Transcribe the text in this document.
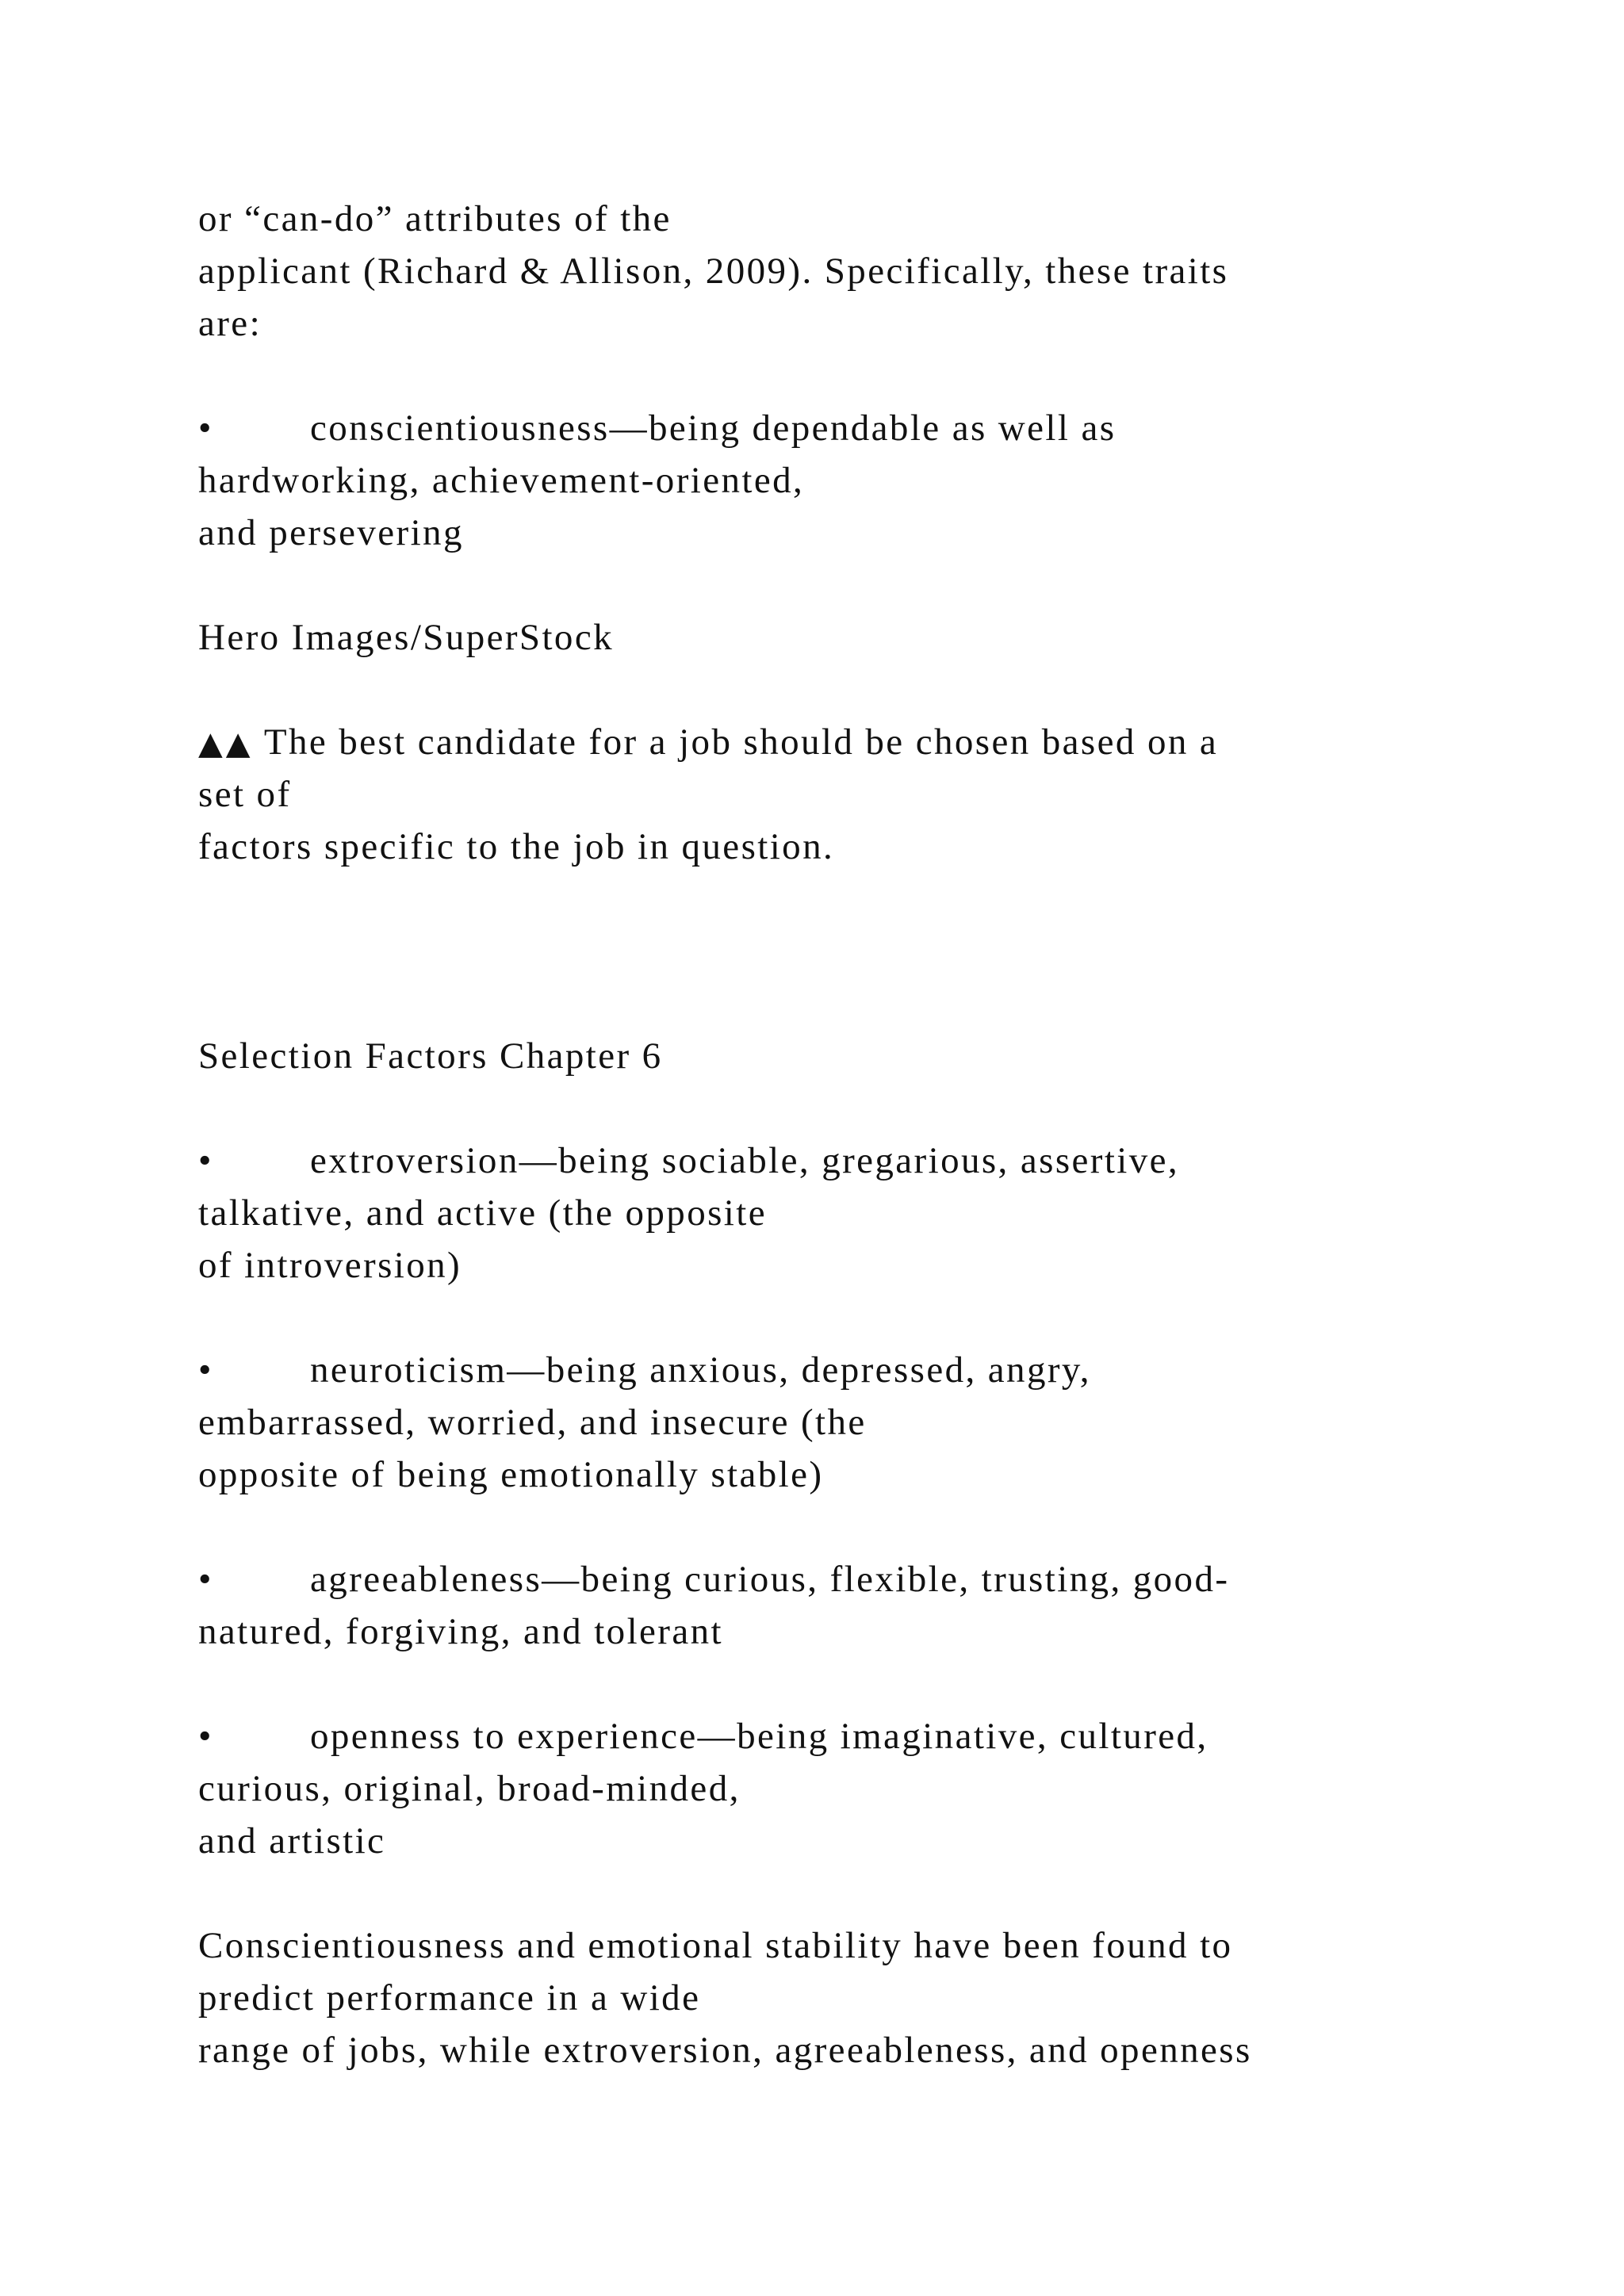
or “can-do” attributes of the
applicant (Richard & Allison, 2009). Specifically, these traits
are:
•	conscientiousness—being dependable as well as
hardworking, achievement-oriented,
and persevering
Hero Images/SuperStock
▲▲ The best candidate for a job should be chosen based on a
set of
factors specific to the job in question.
Selection Factors Chapter 6
•	extroversion—being sociable, gregarious, assertive,
talkative, and active (the opposite
of introversion)
•	neuroticism—being anxious, depressed, angry,
embarrassed, worried, and insecure (the
opposite of being emotionally stable)
•	agreeableness—being curious, flexible, trusting, good-
natured, forgiving, and tolerant
•	openness to experience—being imaginative, cultured,
curious, original, broad-minded,
and artistic
Conscientiousness and emotional stability have been found to
predict performance in a wide
range of jobs, while extroversion, agreeableness, and openness
